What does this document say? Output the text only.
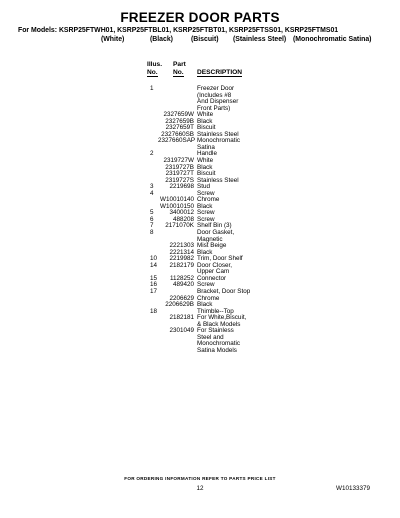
FREEZER DOOR PARTS
For Models: KSRP25FTWH01, KSRP25FTBL01, KSRP25FTBT01, KSRP25FTSS01, KSRP25FTMS01
(White)	(Black)	(Biscuit) (Stainless Steel) (Monochromatic Satina)
Illus.
No.
Part
No.	DESCRIPTION
1	Freezer Door
(Includes #8
And Dispenser
Front Parts)
2327659W White
2327659B Black
2327659T Biscuit
2327660SB Stainless Steel
2327660SAP Monochromatic
Satina
2	Handle
2319727W White
2319727B Black
2319727T Biscuit
2319727S Stainless Steel
3	2219698 Stud
4	Screw
W10010140 Chrome
W10010150 Black
5	3400012 Screw
6	488208 Screw
7	2171070K Shelf Bin (3)
8	Door Gasket,
Magnetic
2221303 Mist Beige
2221314 Black
10	2219982 Trim, Door Shelf
14	2182179 Door Closer,
Upper Cam
15	1128252 Connector
16	489420 Screw
17	Bracket, Door Stop
2206629 Chrome
2206629B Black
18	Thimble--Top
2182181 For White,Biscuit,
& Black Models
2301049 For Stainless
Steel and
Monochromatic
Satina Models
FOR ORDERING INFORMATION REFER TO PARTS PRICE LIST
12	W10133379
